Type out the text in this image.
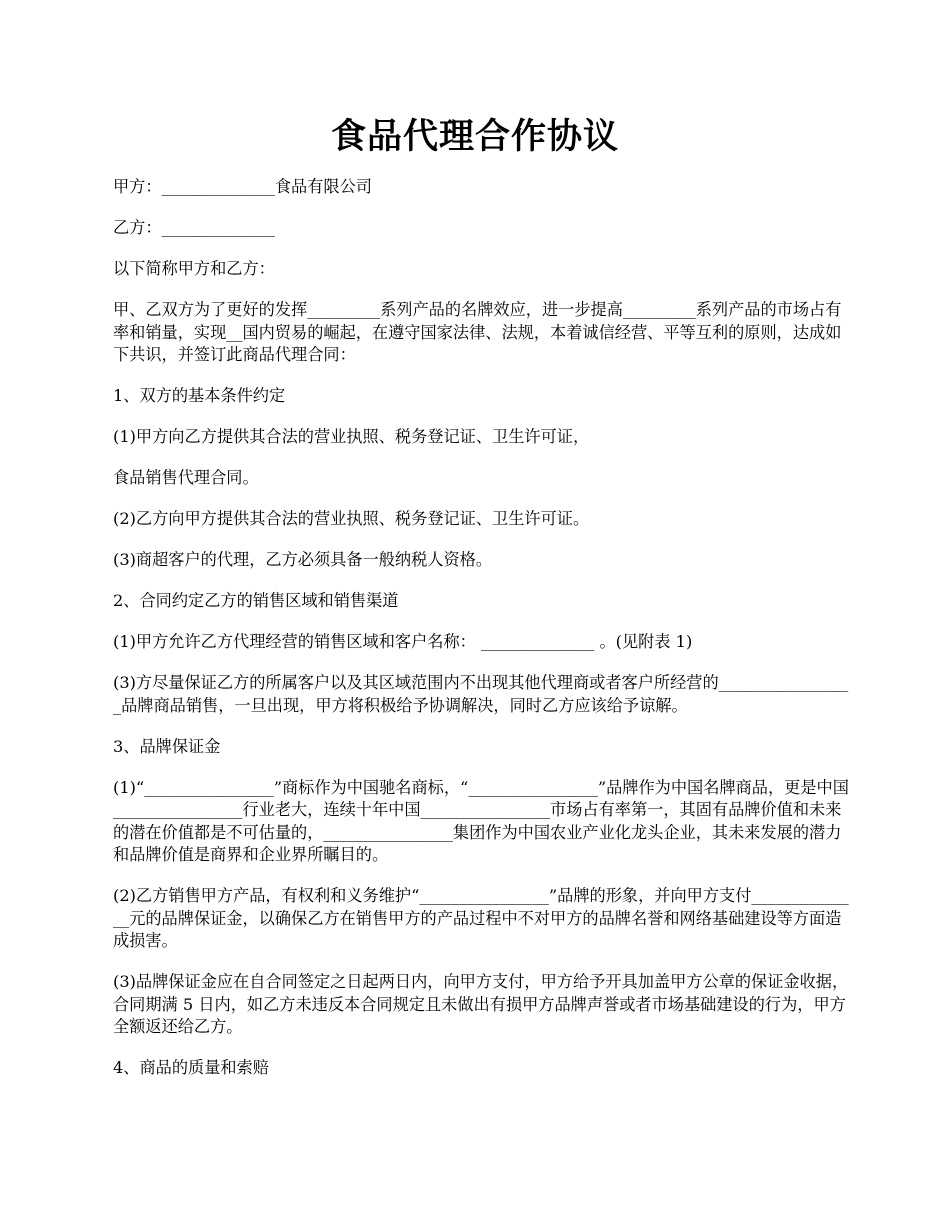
食品代理合作协议

甲方：______________食品有限公司

乙方：______________

以下简称甲方和乙方：

甲、乙双方为了更好的发挥_________系列产品的名牌效应，进一步提高_________系列产品的市场占有率和销量，实现__国内贸易的崛起，在遵守国家法律、法规，本着诚信经营、平等互利的原则，达成如下共识，并签订此商品代理合同：

1、双方的基本条件约定

(1)甲方向乙方提供其合法的营业执照、税务登记证、卫生许可证，

食品销售代理合同。

(2)乙方向甲方提供其合法的营业执照、税务登记证、卫生许可证。

(3)商超客户的代理，乙方必须具备一般纳税人资格。

2、合同约定乙方的销售区域和销售渠道

(1)甲方允许乙方代理经营的销售区域和客户名称： ______________ 。(见附表 1)

(3)方尽量保证乙方的所属客户以及其区域范围内不出现其他代理商或者客户所经营的_________________品牌商品销售，一旦出现，甲方将积极给予协调解决，同时乙方应该给予谅解。

3、品牌保证金

(1)“________________”商标作为中国驰名商标，“________________”品牌作为中国名牌商品，更是中国________________行业老大，连续十年中国________________市场占有率第一，其固有品牌价值和未来的潜在价值都是不可估量的，________________集团作为中国农业产业化龙头企业，其未来发展的潜力和品牌价值是商界和企业界所瞩目的。

(2)乙方销售甲方产品，有权利和义务维护“________________”品牌的形象，并向甲方支付______________元的品牌保证金，以确保乙方在销售甲方的产品过程中不对甲方的品牌名誉和网络基础建设等方面造成损害。

(3)品牌保证金应在自合同签定之日起两日内，向甲方支付，甲方给予开具加盖甲方公章的保证金收据，合同期满 5 日内，如乙方未违反本合同规定且未做出有损甲方品牌声誉或者市场基础建设的行为，甲方全额返还给乙方。

4、商品的质量和索赔
